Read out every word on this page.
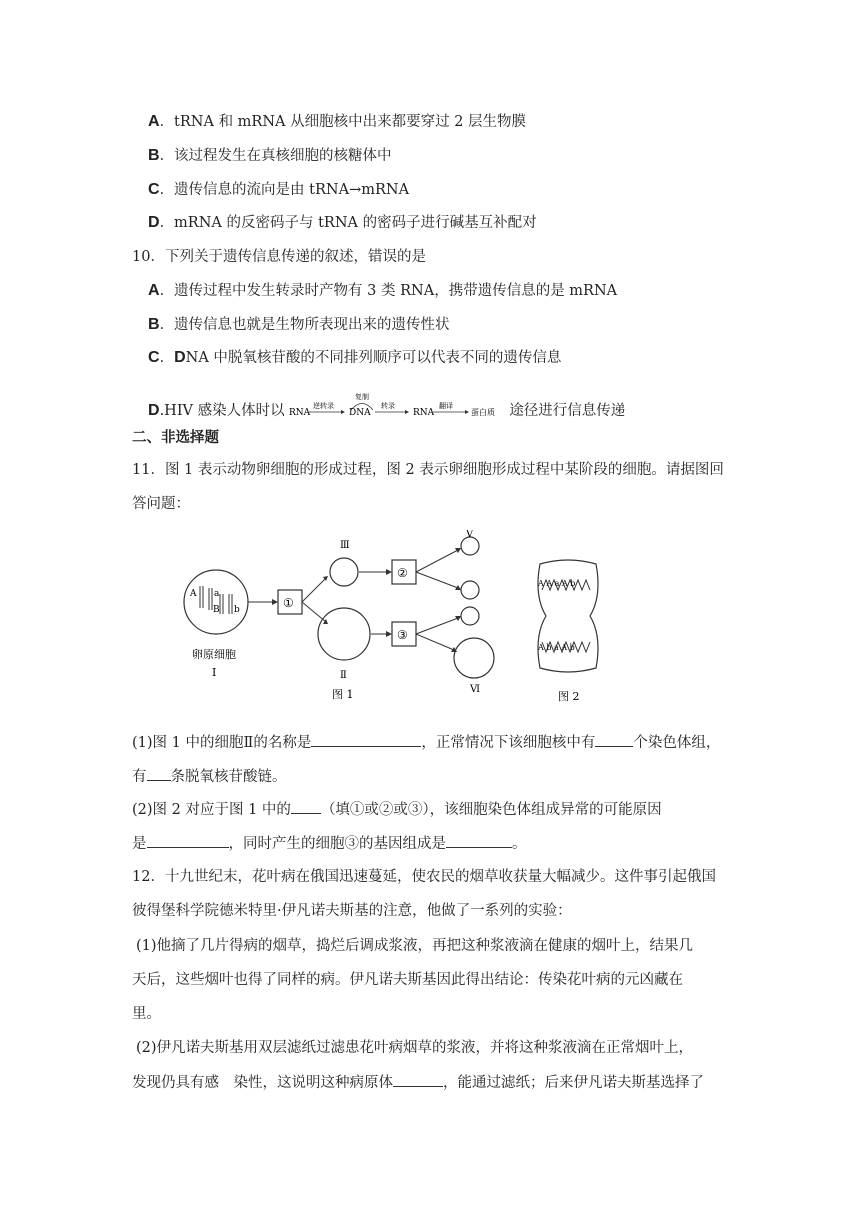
A．tRNA 和 mRNA 从细胞核中出来都要穿过 2 层生物膜
B．该过程发生在真核细胞的核糖体中
C．遗传信息的流向是由 tRNA→mRNA
D．mRNA 的反密码子与 tRNA 的密码子进行碱基互补配对
10．下列关于遗传信息传递的叙述，错误的是
A．遗传过程中发生转录时产物有 3 类 RNA，携带遗传信息的是 mRNA
B．遗传信息也就是生物所表现出来的遗传性状
C．DNA 中脱氧核苷酸的不同排列顺序可以代表不同的遗传信息
D.HIV 感染人体时以 RNA
逆转录
复制
DNA
转录
RNA
翻译
蛋白质 途径进行信息传递
二、非选择题
11．图 1 表示动物卵细胞的形成过程，图 2 表示卵细胞形成过程中某阶段的细胞。请据图回
答问题：
A a
B b
卵原细胞
I
①
Ⅲ
Ⅱ
②
③
V
Ⅵ
图 1
A A a A b
A b a A b
图 2
(1)图 1 中的细胞Ⅱ的名称是	，正常情况下该细胞核中有	个染色体组，
有 条脱氧核苷酸链。
(2)图 2 对应于图 1 中的 （填①或②或③），该细胞染色体组成异常的可能原因
是	，同时产生的细胞③的基因组成是	。
12．十九世纪末，花叶病在俄国迅速蔓延，使农民的烟草收获量大幅减少。这件事引起俄国
彼得堡科学院德米特里·伊凡诺夫斯基的注意，他做了一系列的实验：
(1)他摘了几片得病的烟草，捣烂后调成浆液，再把这种浆液滴在健康的烟叶上，结果几
天后，这些烟叶也得了同样的病。伊凡诺夫斯基因此得出结论：传染花叶病的元凶藏在
里。
(2)伊凡诺夫斯基用双层滤纸过滤患花叶病烟草的浆液，并将这种浆液滴在正常烟叶上，
发现仍具有感　染性，这说明这种病原体	，能通过滤纸；后来伊凡诺夫斯基选择了
